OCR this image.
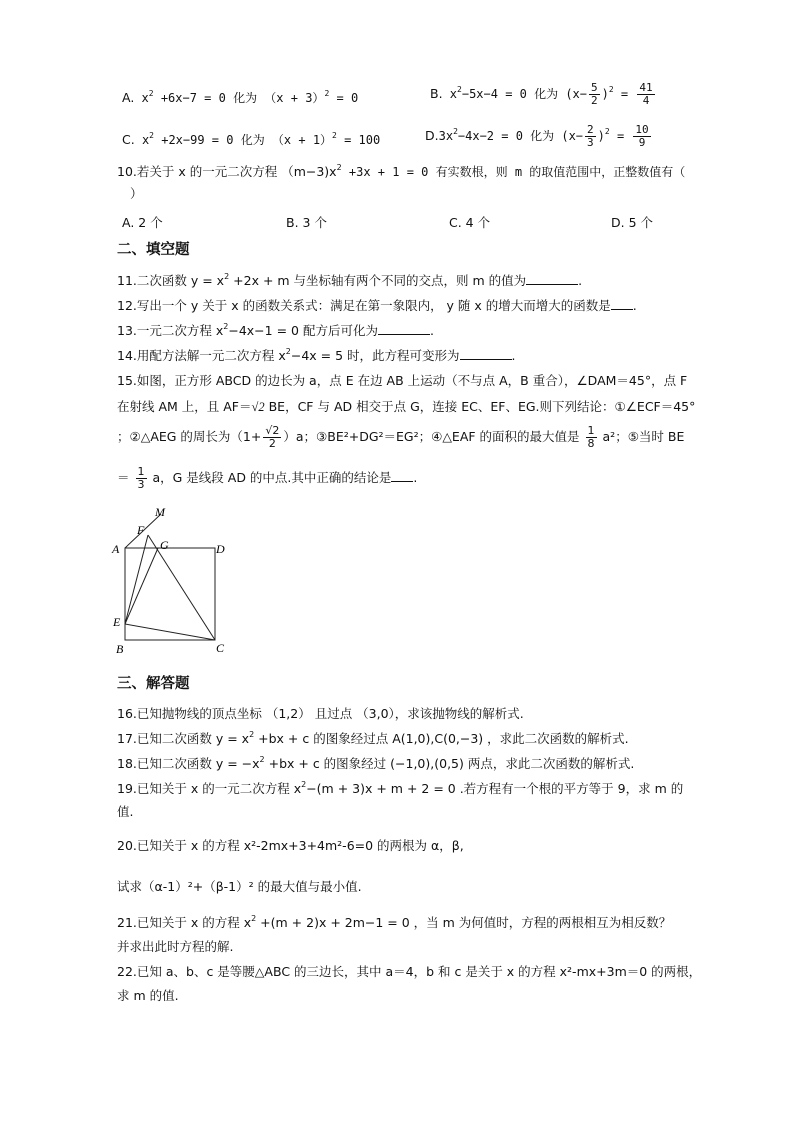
A. $x^2 +6x-7 = 0$ 化为 $(x + 3)^2 = 0$	B. $x^2-5x-4 = 0$ 化为 $(x- \frac{5}{2} )^2 = \frac{41}{4}$
C. $x^2 +2x-99 = 0$ 化为 $(x + 1)^2 = 100$	$D.3x^2-4x-2 = 0$ 化为 $(x- \frac{2}{3} )^2 = \frac{10}{9}$
10.若关于 x 的一元二次方程 $(m-3)x^2 +3x + 1 = 0$ 有实数根，则 m 的取值范围中，正整数值有（
）
A. 2 个	B. 3 个	C. 4 个	D. 5 个
二、填空题
11.二次函数 $y = x^2 +2x + m$ 与坐标轴有两个不同的交点，则 m 的值为	.
12.写出一个 y 关于 x 的函数关系式：满足在第一象限内， y 随 x 的增大而增大的函数是 .
13.一元二次方程 $x^2-4x-1 = 0$ 配方后可化为	.
14.用配方法解一元二次方程 $x^2-4x = 5$ 时，此方程可变形为	.
15.如图，正方形 ABCD 的边长为 a，点 E 在边 AB 上运动（不与点 A，B 重合），∠DAM＝45°，点 F
在射线 AM 上，且 AF＝√2 BE，CF 与 AD 相交于点 G，连接 EC、EF、EG.则下列结论：①∠ECF＝45°
；②△AEG 的周长为$(1+ \frac{√2}{2} )a$；③BE²+DG²＝EG²；④△EAF 的面积的最大值是 $\frac{1}{8} a^2$；⑤当时 BE
＝ $\frac{1}{3}$ a，G 是线段 AD 的中点.其中正确的结论是 .
A
B	C
D
E
F
G
M
三、解答题
16.已知抛物线的顶点坐标 （1,2） 且过点 （3,0），求该抛物线的解析式.
17.已知二次函数 $y = x^2 +bx + c$ 的图象经过点 A(1,0),C(0,−3) ，求此二次函数的解析式.
18.已知二次函数 $y = -x^2 +bx + c$ 的图象经过 (−1,0),(0,5) 两点，求此二次函数的解析式.
19.已知关于 x 的一元二次方程 $x^2-(m + 3)x + m + 2 = 0$ .若方程有一个根的平方等于 9，求 m 的
值.
20.已知关于 x 的方程 x²-2mx+3+4m²-6=0 的两根为 α，β,
试求（α-1）²+（β-1）² 的最大值与最小值.
21.已知关于 x 的方程 $x^2 +(m + 2)x + 2m-1 = 0$ ，当 m 为何值时，方程的两根相互为相反数？
并求出此时方程的解.
22.已知 a、b、c 是等腰△ABC 的三边长，其中 a＝4，b 和 c 是关于 x 的方程 x²-mx+3m＝0 的两根，
求 m 的值.
